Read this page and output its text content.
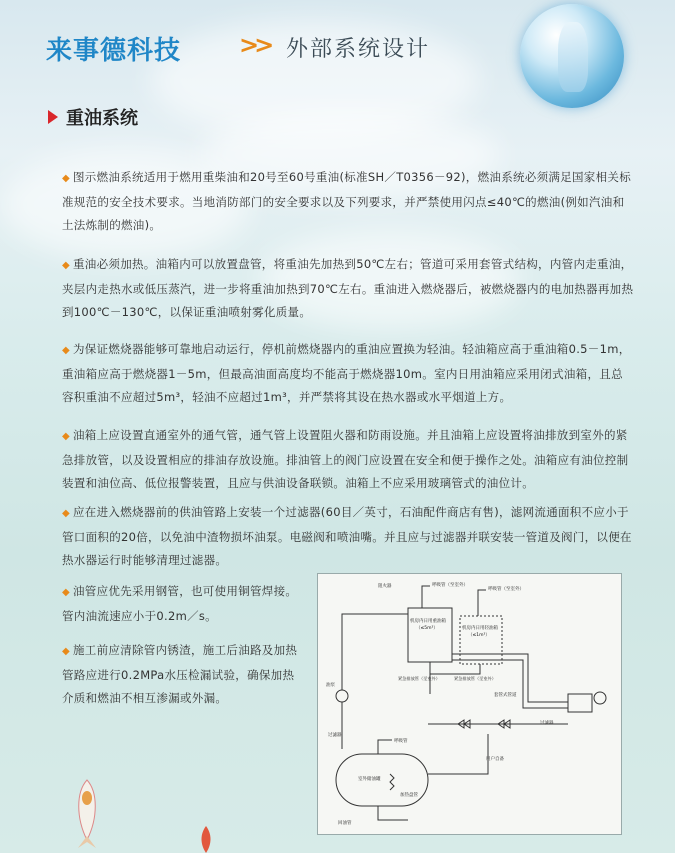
来事德科技 >> 外部系统设计
重油系统
◆ 图示燃油系统适用于燃用重柴油和20号至60号重油(标准SH／T0356－92)，燃油系统必须满足国家相关标准规范的安全技术要求。当地消防部门的安全要求以及下列要求，并严禁使用闪点≤40℃的燃油(例如汽油和土法炼制的燃油)。
◆ 重油必须加热。油箱内可以放置盘管，将重油先加热到50℃左右；管道可采用套管式结构，内管内走重油，夹层内走热水或低压蒸汽，进一步将重油加热到70℃左右。重油进入燃烧器后，被燃烧器内的电加热器再加热到100℃－130℃，以保证重油喷射雾化质量。
◆ 为保证燃烧器能够可靠地启动运行，停机前燃烧器内的重油应置换为轻油。轻油箱应高于重油箱0.5－1m，重油箱应高于燃烧器1－5m，但最高油面高度均不能高于燃烧器10m。室内日用油箱应采用闭式油箱，且总容积重油不应超过5m³，轻油不应超过1m³，并严禁将其设在热水器或水平烟道上方。
◆ 油箱上应设置直通室外的通气管，通气管上设置阻火器和防雨设施。并且油箱上应设置将油排放到室外的紧急排放管，以及设置相应的排油存放设施。排油管上的阀门应设置在安全和便于操作之处。油箱应有油位控制装置和油位高、低位报警装置，且应与供油设备联锁。油箱上不应采用玻璃管式的油位计。
◆ 应在进入燃烧器前的供油管路上安装一个过滤器(60目／英寸，石油配件商店有售)，滤网流通面积不应小于管口面积的20倍，以免油中渣物损坏油泵。电磁阀和喷油嘴。并且应与过滤器并联安装一管道及阀门，以便在热水器运行时能够清理过滤器。
◆ 油管应优先采用钢管，也可使用铜管焊接。管内油流速应小于0.2m／s。
◆ 施工前应清除管内锈渣，施工后油路及加热管路应进行0.2MPa水压检漏试验，确保加热介质和燃油不相互渗漏或外漏。
机房内日用重油箱
（≤5m³）	机房内日用轻油箱
（≤1m³）
阻火器	呼吸管（至室外）
呼吸管（至室外）
紧急排放管（至室外）	紧急排放管（至室外）
油泵
过滤器
套管式管道
过滤器
室外储油罐
呼吸管
加热盘管
用户自备
回油管
